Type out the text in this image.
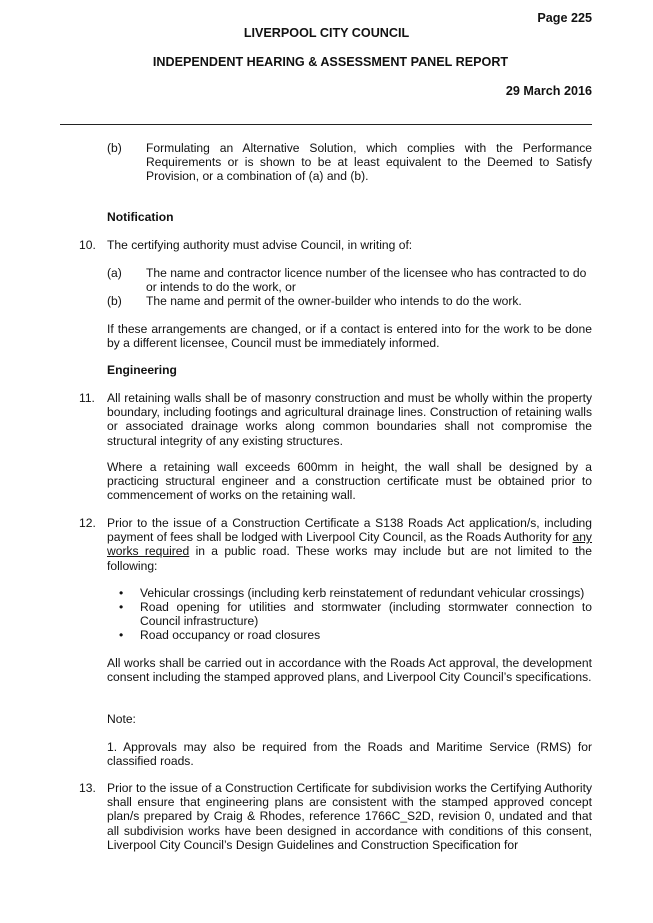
Page 225
LIVERPOOL CITY COUNCIL
INDEPENDENT HEARING & ASSESSMENT PANEL REPORT
29 March 2016
(b) Formulating an Alternative Solution, which complies with the Performance Requirements or is shown to be at least equivalent to the Deemed to Satisfy Provision, or a combination of (a) and (b).
Notification
10. The certifying authority must advise Council, in writing of:
(a) The name and contractor licence number of the licensee who has contracted to do or intends to do the work, or
(b) The name and permit of the owner-builder who intends to do the work.
If these arrangements are changed, or if a contact is entered into for the work to be done by a different licensee, Council must be immediately informed.
Engineering
11. All retaining walls shall be of masonry construction and must be wholly within the property boundary, including footings and agricultural drainage lines. Construction of retaining walls or associated drainage works along common boundaries shall not compromise the structural integrity of any existing structures.
Where a retaining wall exceeds 600mm in height, the wall shall be designed by a practicing structural engineer and a construction certificate must be obtained prior to commencement of works on the retaining wall.
12. Prior to the issue of a Construction Certificate a S138 Roads Act application/s, including payment of fees shall be lodged with Liverpool City Council, as the Roads Authority for any works required in a public road. These works may include but are not limited to the following:
• Vehicular crossings (including kerb reinstatement of redundant vehicular crossings)
• Road opening for utilities and stormwater (including stormwater connection to Council infrastructure)
• Road occupancy or road closures
All works shall be carried out in accordance with the Roads Act approval, the development consent including the stamped approved plans, and Liverpool City Council’s specifications.
Note:
1. Approvals may also be required from the Roads and Maritime Service (RMS) for classified roads.
13. Prior to the issue of a Construction Certificate for subdivision works the Certifying Authority shall ensure that engineering plans are consistent with the stamped approved concept plan/s prepared by Craig & Rhodes, reference 1766C_S2D, revision 0, undated and that all subdivision works have been designed in accordance with conditions of this consent, Liverpool City Council’s Design Guidelines and Construction Specification for
